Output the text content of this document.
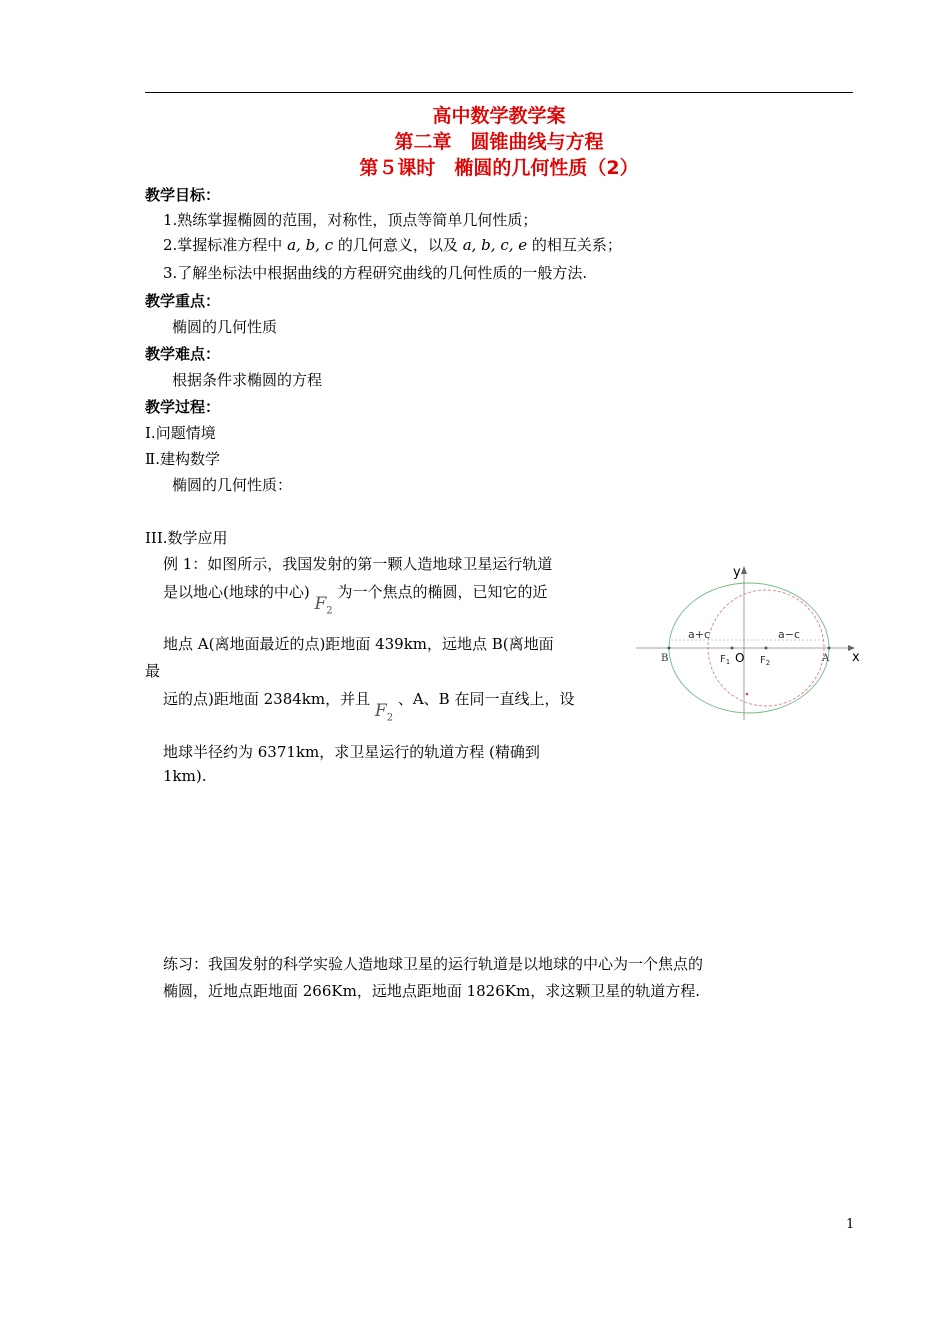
高中数学教学案
第二章　圆锥曲线与方程
第５课时　椭圆的几何性质（2）
教学目标：
1.熟练掌握椭圆的范围，对称性，顶点等简单几何性质；
2.掌握标准方程中 a, b, c 的几何意义，以及 a, b, c, e 的相互关系；
3.了解坐标法中根据曲线的方程研究曲线的几何性质的一般方法.
教学重点：
椭圆的几何性质
教学难点：
根据条件求椭圆的方程
教学过程：
Ⅰ.问题情境
Ⅱ.建构数学
椭圆的几何性质：
III.数学应用
例 1：如图所示，我国发射的第一颗人造地球卫星运行轨道
是以地心(地球的中心) $F_2$ 为一个焦点的椭圆，已知它的近
地点 A(离地面最近的点)距地面 439km，远地点 B(离地面
最
远的点)距地面 2384km，并且 $F_2$ 、A、B 在同一直线上，设
地球半径约为 6371km，求卫星运行的轨道方程 (精确到
1km).
y
x
a+c	a−c
B	$F_1$ O $F_2$	A
练习：我国发射的科学实验人造地球卫星的运行轨道是以地球的中心为一个焦点的
椭圆，近地点距地面 266Km，远地点距地面 1826Km，求这颗卫星的轨道方程.
1
